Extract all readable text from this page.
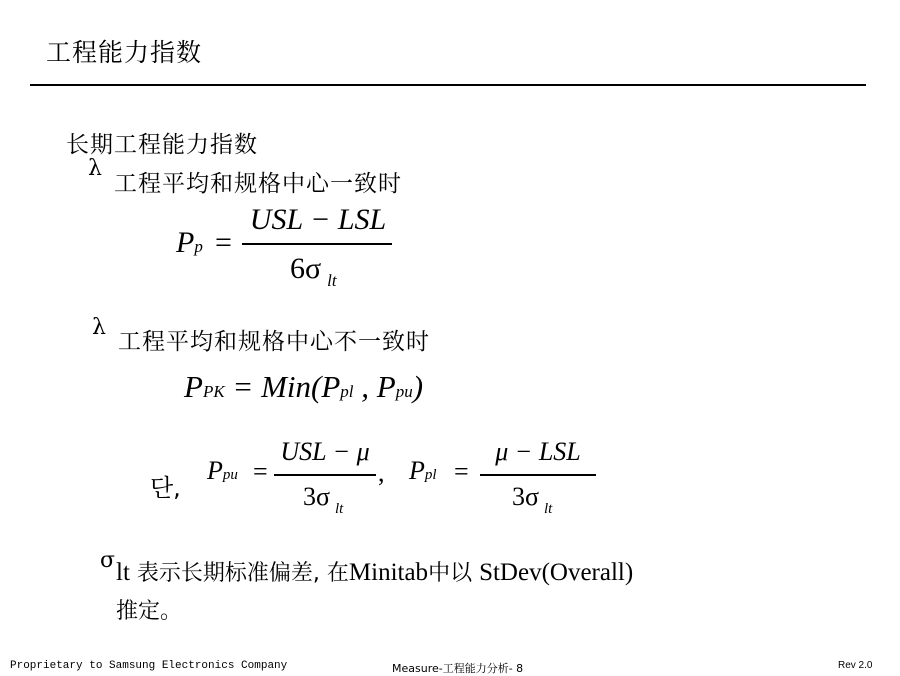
工程能力指数
长期工程能力指数
λ
工程平均和规格中心一致时
Pp =
USL − LSL
6σ $_{lt}$
λ
工程平均和规格中心不一致时
PPK = Min(Ppl , Ppu)
단,
Ppu =
USL − μ
3σ $_{lt}$
, Ppl =
μ − LSL
3σ $_{lt}$
σ lt 表示长期标准偏差, 在Minitab中以 StDev(Overall)
推定。
Proprietary to Samsung Electronics Company	Measure-工程能力分析- 8	Rev 2.0
